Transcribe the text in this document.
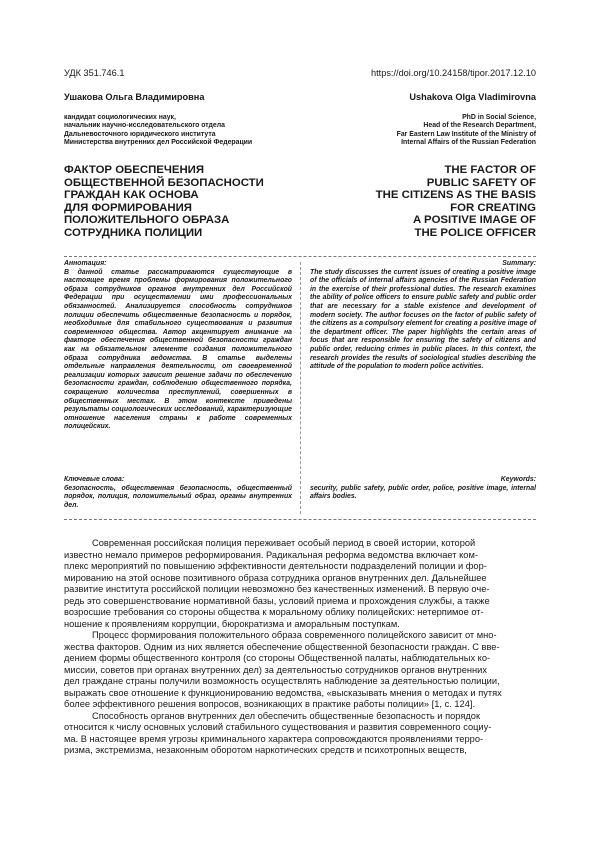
УДК 351.746.1	https://doi.org/10.24158/tipor.2017.12.10
Ушакова Ольга Владимировна	Ushakova Olga Vladimirovna
кандидат социологических наук,
начальник научно-исследовательского отдела
Дальневосточного юридического института
Министерства внутренних дел Российской Федерации
PhD in Social Science,
Head of the Research Department,
Far Eastern Law Institute of the Ministry of
Internal Affairs of the Russian Federation
ФАКТОР ОБЕСПЕЧЕНИЯ
ОБЩЕСТВЕННОЙ БЕЗОПАСНОСТИ
ГРАЖДАН КАК ОСНОВА
ДЛЯ ФОРМИРОВАНИЯ
ПОЛОЖИТЕЛЬНОГО ОБРАЗА
СОТРУДНИКА ПОЛИЦИИ
THE FACTOR OF
PUBLIC SAFETY OF
THE CITIZENS AS THE BASIS
FOR CREATING
A POSITIVE IMAGE OF
THE POLICE OFFICER
Аннотация:
В данной статье рассматриваются существующие в настоящее время проблемы формирования положительного образа сотрудников органов внутренних дел Российской Федерации при осуществлении ими профессиональных обязанностей. Анализируется способность сотрудников полиции обеспечить общественные безопасность и порядок, необходимые для стабильного существования и развития современного общества. Автор акцентирует внимание на факторе обеспечения общественной безопасности граждан как на обязательном элементе создания положительного образа сотрудника ведомства. В статье выделены отдельные направления деятельности, от своевременной реализации которых зависит решение задачи по обеспечению безопасности граждан, соблюдению общественного порядка, сокращению количества преступлений, совершенных в общественных местах. В этом контексте приведены результаты социологических исследований, характеризующие отношение населения страны к работе современных полицейских.
Summary:
The study discusses the current issues of creating a positive image of the officials of internal affairs agencies of the Russian Federation in the exercise of their professional duties. The research examines the ability of police officers to ensure public safety and public order that are necessary for a stable existence and development of modern society. The author focuses on the factor of public safety of the citizens as a compulsory element for creating a positive image of the department officer. The paper highlights the certain areas of focus that are responsible for ensuring the safety of citizens and public order, reducing crimes in public places. In this context, the research provides the results of sociological studies describing the attitude of the population to modern police activities.
Ключевые слова:
безопасность, общественная безопасность, общественный порядок, полиция, положительный образ, органы внутренних дел.
Keywords:
security, public safety, public order, police, positive image, internal affairs bodies.

Современная российская полиция переживает особый период в своей истории, которой
известно немало примеров реформирования. Радикальная реформа ведомства включает ком-
плекс мероприятий по повышению эффективности деятельности подразделений полиции и фор-
мированию на этой основе позитивного образа сотрудника органов внутренних дел. Дальнейшее
развитие института российской полиции невозможно без качественных изменений. В первую оче-
редь это совершенствование нормативной базы, условий приема и прохождения службы, а также
возросшие требования со стороны общества к моральному облику полицейских: нетерпимое от-
ношение к проявлениям коррупции, бюрократизма и аморальным поступкам.

Процесс формирования положительного образа современного полицейского зависит от мно-
жества факторов. Одним из них является обеспечение общественной безопасности граждан. С вве-
дением формы общественного контроля (со стороны Общественной палаты, наблюдательных ко-
миссии, советов при органах внутренних дел) за деятельностью сотрудников органов внутренних
дел граждане страны получили возможность осуществлять наблюдение за деятельностью полиции,
выражать свое отношение к функционированию ведомства, «высказывать мнения о методах и путях
более эффективного решения вопросов, возникающих в практике работы полиции» [1, с. 124].

Способность органов внутренних дел обеспечить общественные безопасность и порядок
относится к числу основных условий стабильного существования и развития современного социу-
ма. В настоящее время угрозы криминального характера сопровождаются проявлениями терро-
ризма, экстремизма, незаконным оборотом наркотических средств и психотропных веществ,
